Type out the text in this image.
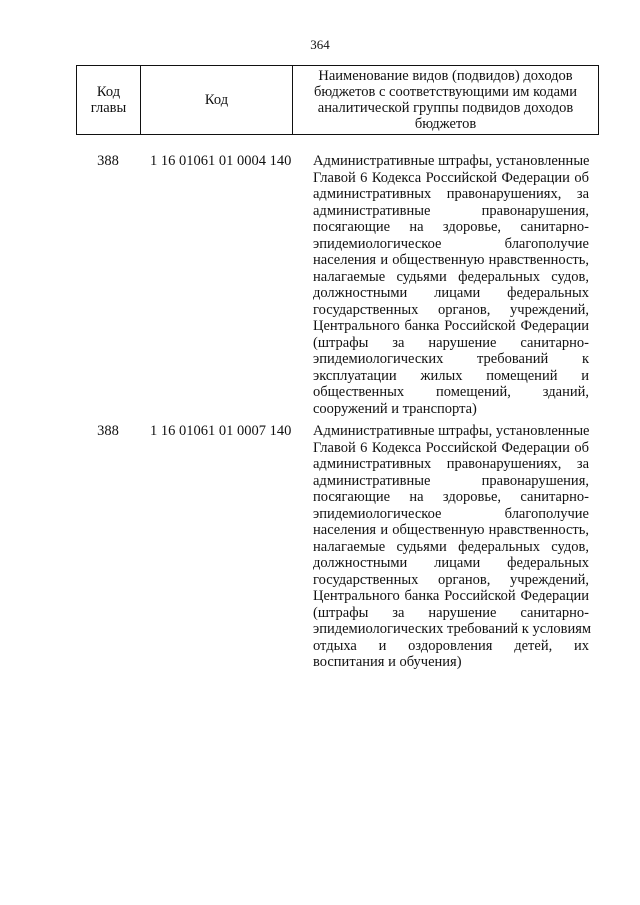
364
Код главы	Код	Наименование видов (подвидов) доходов бюджетов с соответствующими им кодами аналитической группы подвидов доходов бюджетов
388	1 16 01061 01 0004 140	Административные штрафы, установленные
Главой 6 Кодекса Российской Федерации об
административных правонарушениях, за
административные правонарушения,
посягающие на здоровье, санитарно-
эпидемиологическое благополучие
населения и общественную нравственность,
налагаемые судьями федеральных судов,
должностными лицами федеральных
государственных органов, учреждений,
Центрального банка Российской Федерации
(штрафы за нарушение санитарно-
эпидемиологических требований к
эксплуатации жилых помещений и
общественных помещений, зданий,
сооружений и транспорта)
388	1 16 01061 01 0007 140	Административные штрафы, установленные
Главой 6 Кодекса Российской Федерации об
административных правонарушениях, за
административные правонарушения,
посягающие на здоровье, санитарно-
эпидемиологическое благополучие
населения и общественную нравственность,
налагаемые судьями федеральных судов,
должностными лицами федеральных
государственных органов, учреждений,
Центрального банка Российской Федерации
(штрафы за нарушение санитарно-
эпидемиологических требований к условиям
отдыха и оздоровления детей, их
воспитания и обучения)
